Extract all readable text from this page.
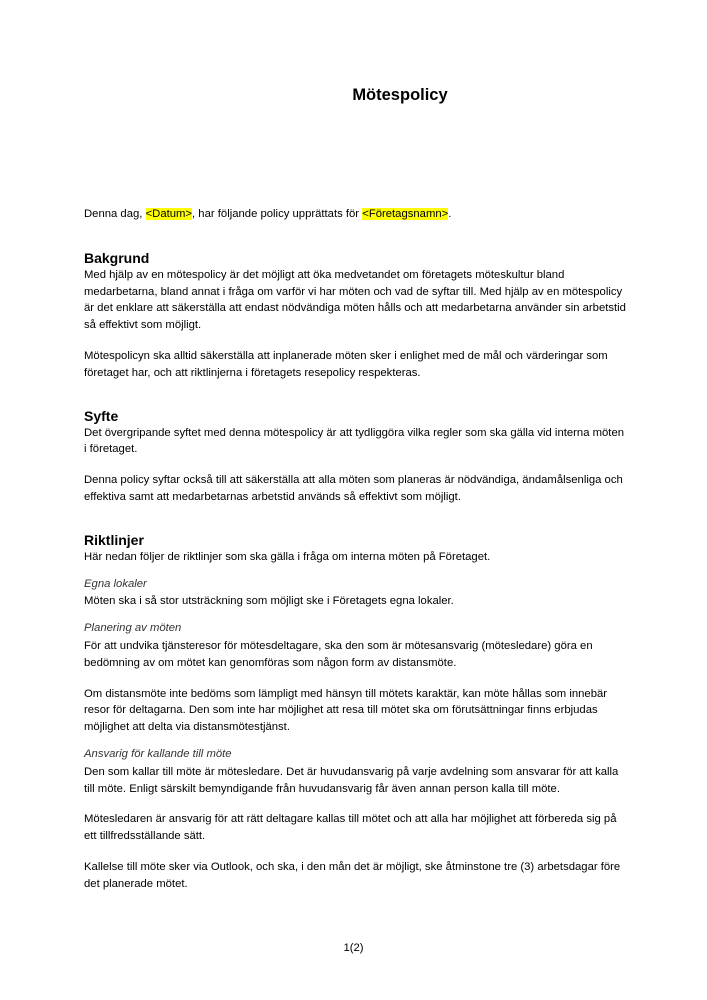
Mötespolicy

Denna dag, <Datum>, har följande policy upprättats för <Företagsnamn>.

Bakgrund

Med hjälp av en mötespolicy är det möjligt att öka medvetandet om företagets möteskultur bland medarbetarna, bland annat i fråga om varför vi har möten och vad de syftar till. Med hjälp av en mötespolicy är det enklare att säkerställa att endast nödvändiga möten hålls och att medarbetarna använder sin arbetstid så effektivt som möjligt.

Mötespolicyn ska alltid säkerställa att inplanerade möten sker i enlighet med de mål och värderingar som företaget har, och att riktlinjerna i företagets resepolicy respekteras.

Syfte

Det övergripande syftet med denna mötespolicy är att tydliggöra vilka regler som ska gälla vid interna möten i företaget.

Denna policy syftar också till att säkerställa att alla möten som planeras är nödvändiga, ändamålsenliga och effektiva samt att medarbetarnas arbetstid används så effektivt som möjligt.

Riktlinjer

Här nedan följer de riktlinjer som ska gälla i fråga om interna möten på Företaget.

Egna lokaler

Möten ska i så stor utsträckning som möjligt ske i Företagets egna lokaler.

Planering av möten

För att undvika tjänsteresor för mötesdeltagare, ska den som är mötesansvarig (mötesledare) göra en bedömning av om mötet kan genomföras som någon form av distansmöte.

Om distansmöte inte bedöms som lämpligt med hänsyn till mötets karaktär, kan möte hållas som innebär resor för deltagarna. Den som inte har möjlighet att resa till mötet ska om förutsättningar finns erbjudas möjlighet att delta via distansmötestjänst.

Ansvarig för kallande till möte

Den som kallar till möte är mötesledare. Det är huvudansvarig på varje avdelning som ansvarar för att kalla till möte. Enligt särskilt bemyndigande från huvudansvarig får även annan person kalla till möte.

Mötesledaren är ansvarig för att rätt deltagare kallas till mötet och att alla har möjlighet att förbereda sig på ett tillfredsställande sätt.

Kallelse till möte sker via Outlook, och ska, i den mån det är möjligt, ske åtminstone tre (3) arbetsdagar före det planerade mötet.

1(2)
